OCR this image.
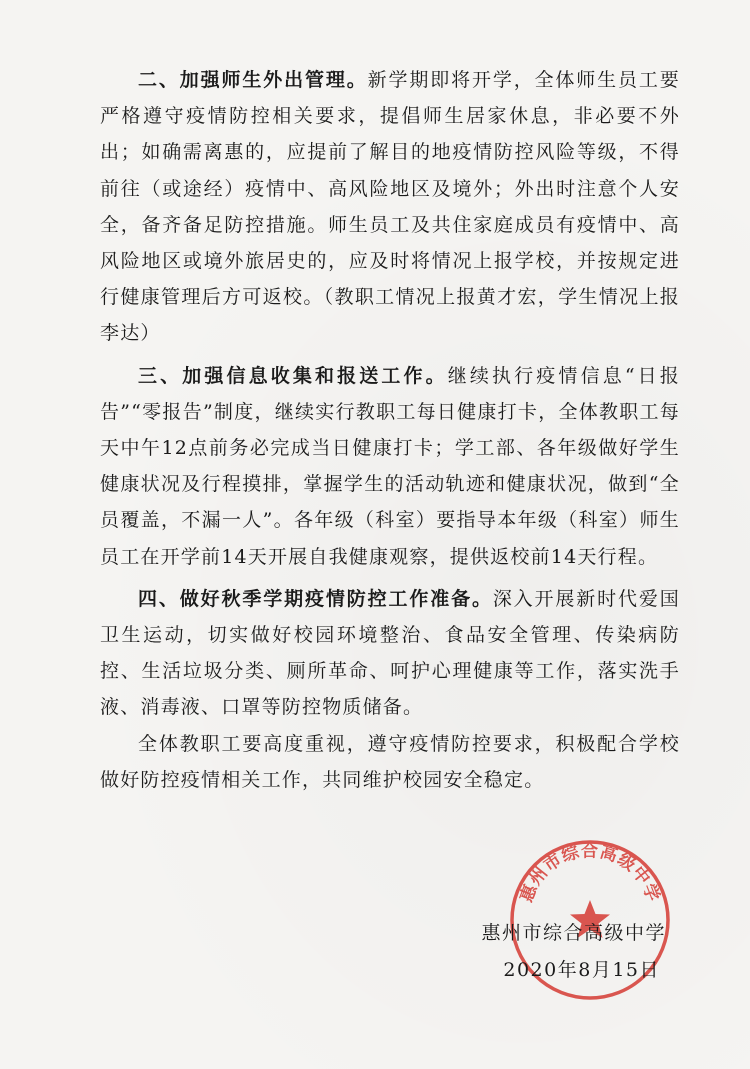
二、加强师生外出管理。新学期即将开学，全体师生员工要严格遵守疫情防控相关要求，提倡师生居家休息，非必要不外出；如确需离惠的，应提前了解目的地疫情防控风险等级，不得前往（或途经）疫情中、高风险地区及境外；外出时注意个人安全，备齐备足防控措施。师生员工及共住家庭成员有疫情中、高风险地区或境外旅居史的，应及时将情况上报学校，并按规定进行健康管理后方可返校。（教职工情况上报黄才宏，学生情况上报李达）

三、加强信息收集和报送工作。继续执行疫情信息“日报告”“零报告”制度，继续实行教职工每日健康打卡，全体教职工每天中午12点前务必完成当日健康打卡；学工部、各年级做好学生健康状况及行程摸排，掌握学生的活动轨迹和健康状况，做到“全员覆盖，不漏一人”。各年级（科室）要指导本年级（科室）师生员工在开学前14天开展自我健康观察，提供返校前14天行程。

四、做好秋季学期疫情防控工作准备。深入开展新时代爱国卫生运动，切实做好校园环境整治、食品安全管理、传染病防控、生活垃圾分类、厕所革命、呵护心理健康等工作，落实洗手液、消毒液、口罩等防控物质储备。

全体教职工要高度重视，遵守疫情防控要求，积极配合学校做好防控疫情相关工作，共同维护校园安全稳定。

惠州市综合高级中学
惠州市综合高级中学
2020年8月15日
